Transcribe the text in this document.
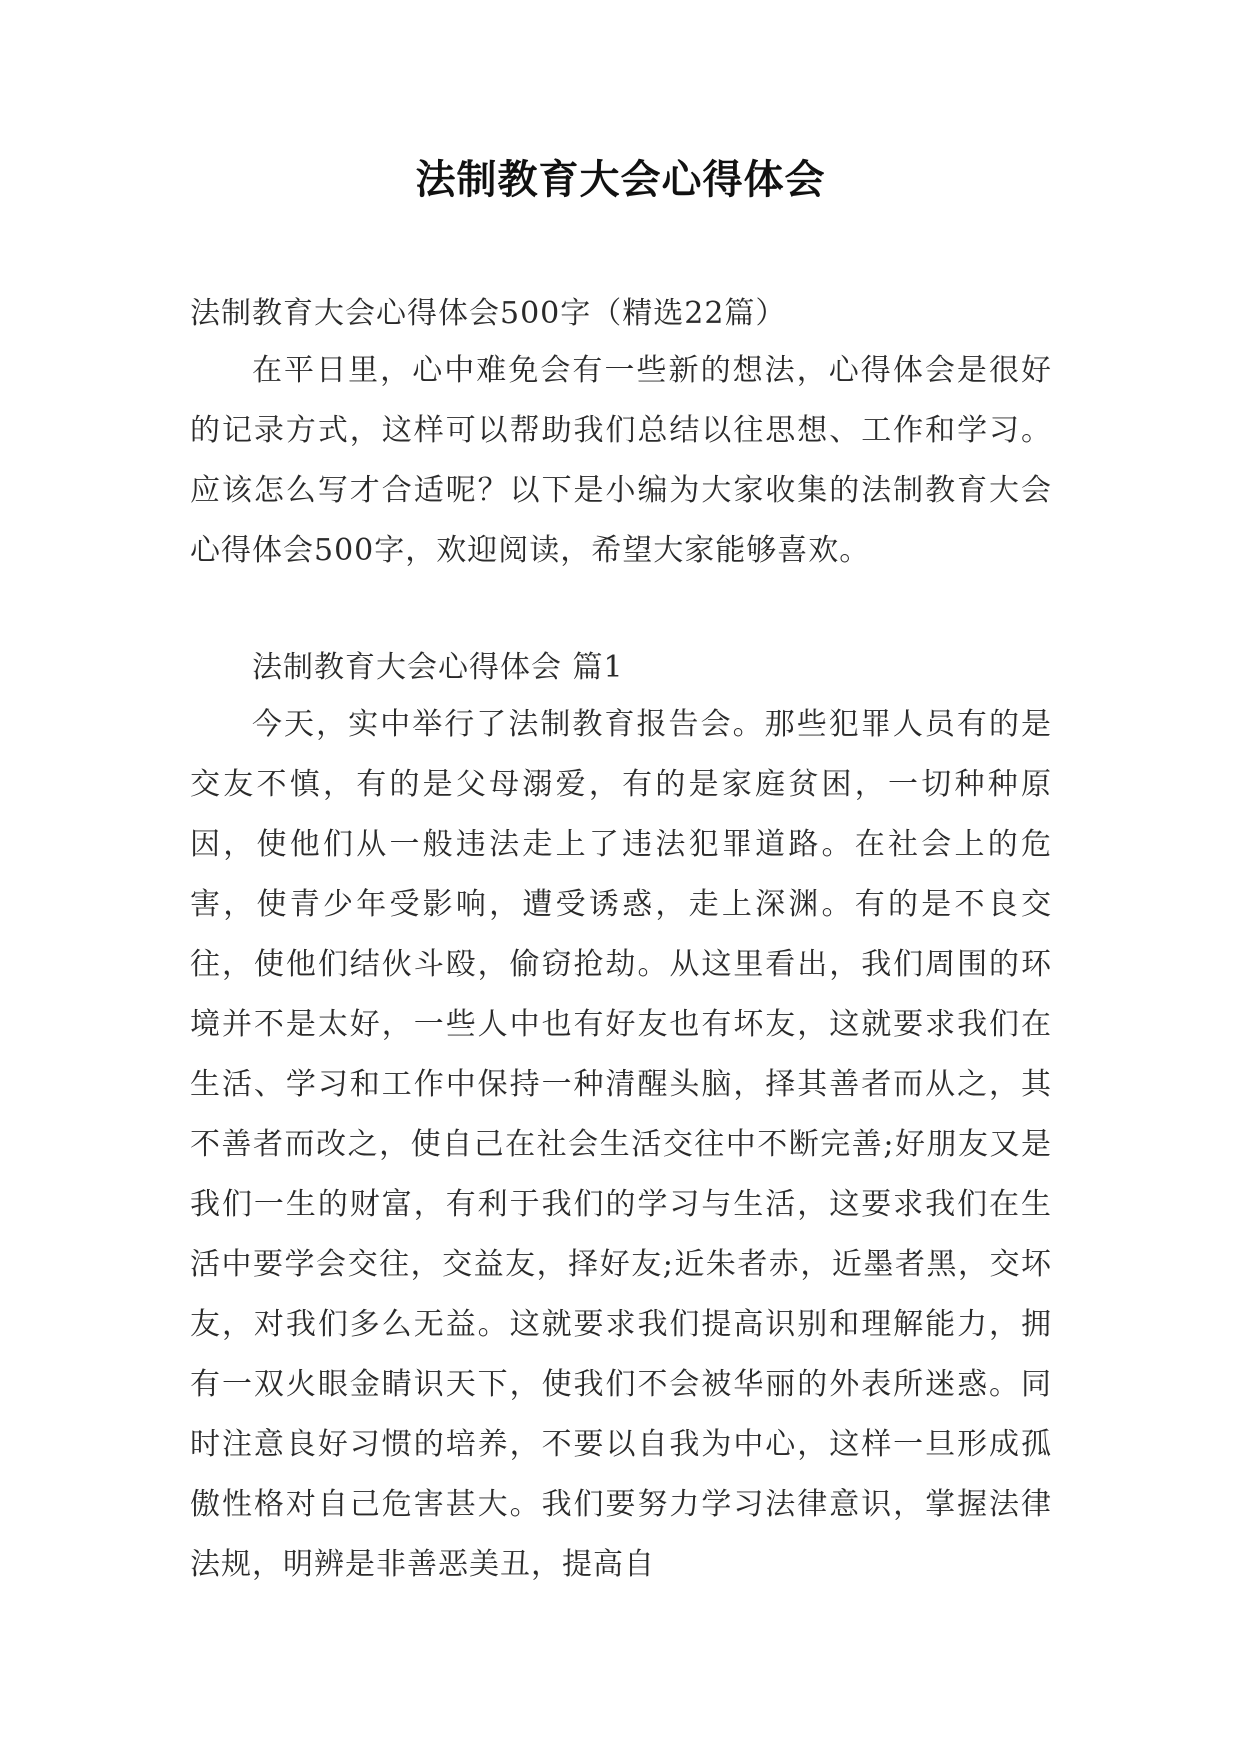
法制教育大会心得体会
法制教育大会心得体会500字（精选22篇）
在平日里，心中难免会有一些新的想法，心得体会是很好的记录方式，这样可以帮助我们总结以往思想、工作和学习。应该怎么写才合适呢？以下是小编为大家收集的法制教育大会心得体会500字，欢迎阅读，希望大家能够喜欢。
法制教育大会心得体会 篇1
今天，实中举行了法制教育报告会。那些犯罪人员有的是交友不慎，有的是父母溺爱，有的是家庭贫困，一切种种原因，使他们从一般违法走上了违法犯罪道路。在社会上的危害，使青少年受影响，遭受诱惑，走上深渊。有的是不良交往，使他们结伙斗殴，偷窃抢劫。从这里看出，我们周围的环境并不是太好，一些人中也有好友也有坏友，这就要求我们在生活、学习和工作中保持一种清醒头脑，择其善者而从之，其不善者而改之，使自己在社会生活交往中不断完善;好朋友又是我们一生的财富，有利于我们的学习与生活，这要求我们在生活中要学会交往，交益友，择好友;近朱者赤，近墨者黑，交坏友，对我们多么无益。这就要求我们提高识别和理解能力，拥有一双火眼金睛识天下，使我们不会被华丽的外表所迷惑。同时注意良好习惯的培养，不要以自我为中心，这样一旦形成孤傲性格对自己危害甚大。我们要努力学习法律意识，掌握法律法规，明辨是非善恶美丑，提高自
